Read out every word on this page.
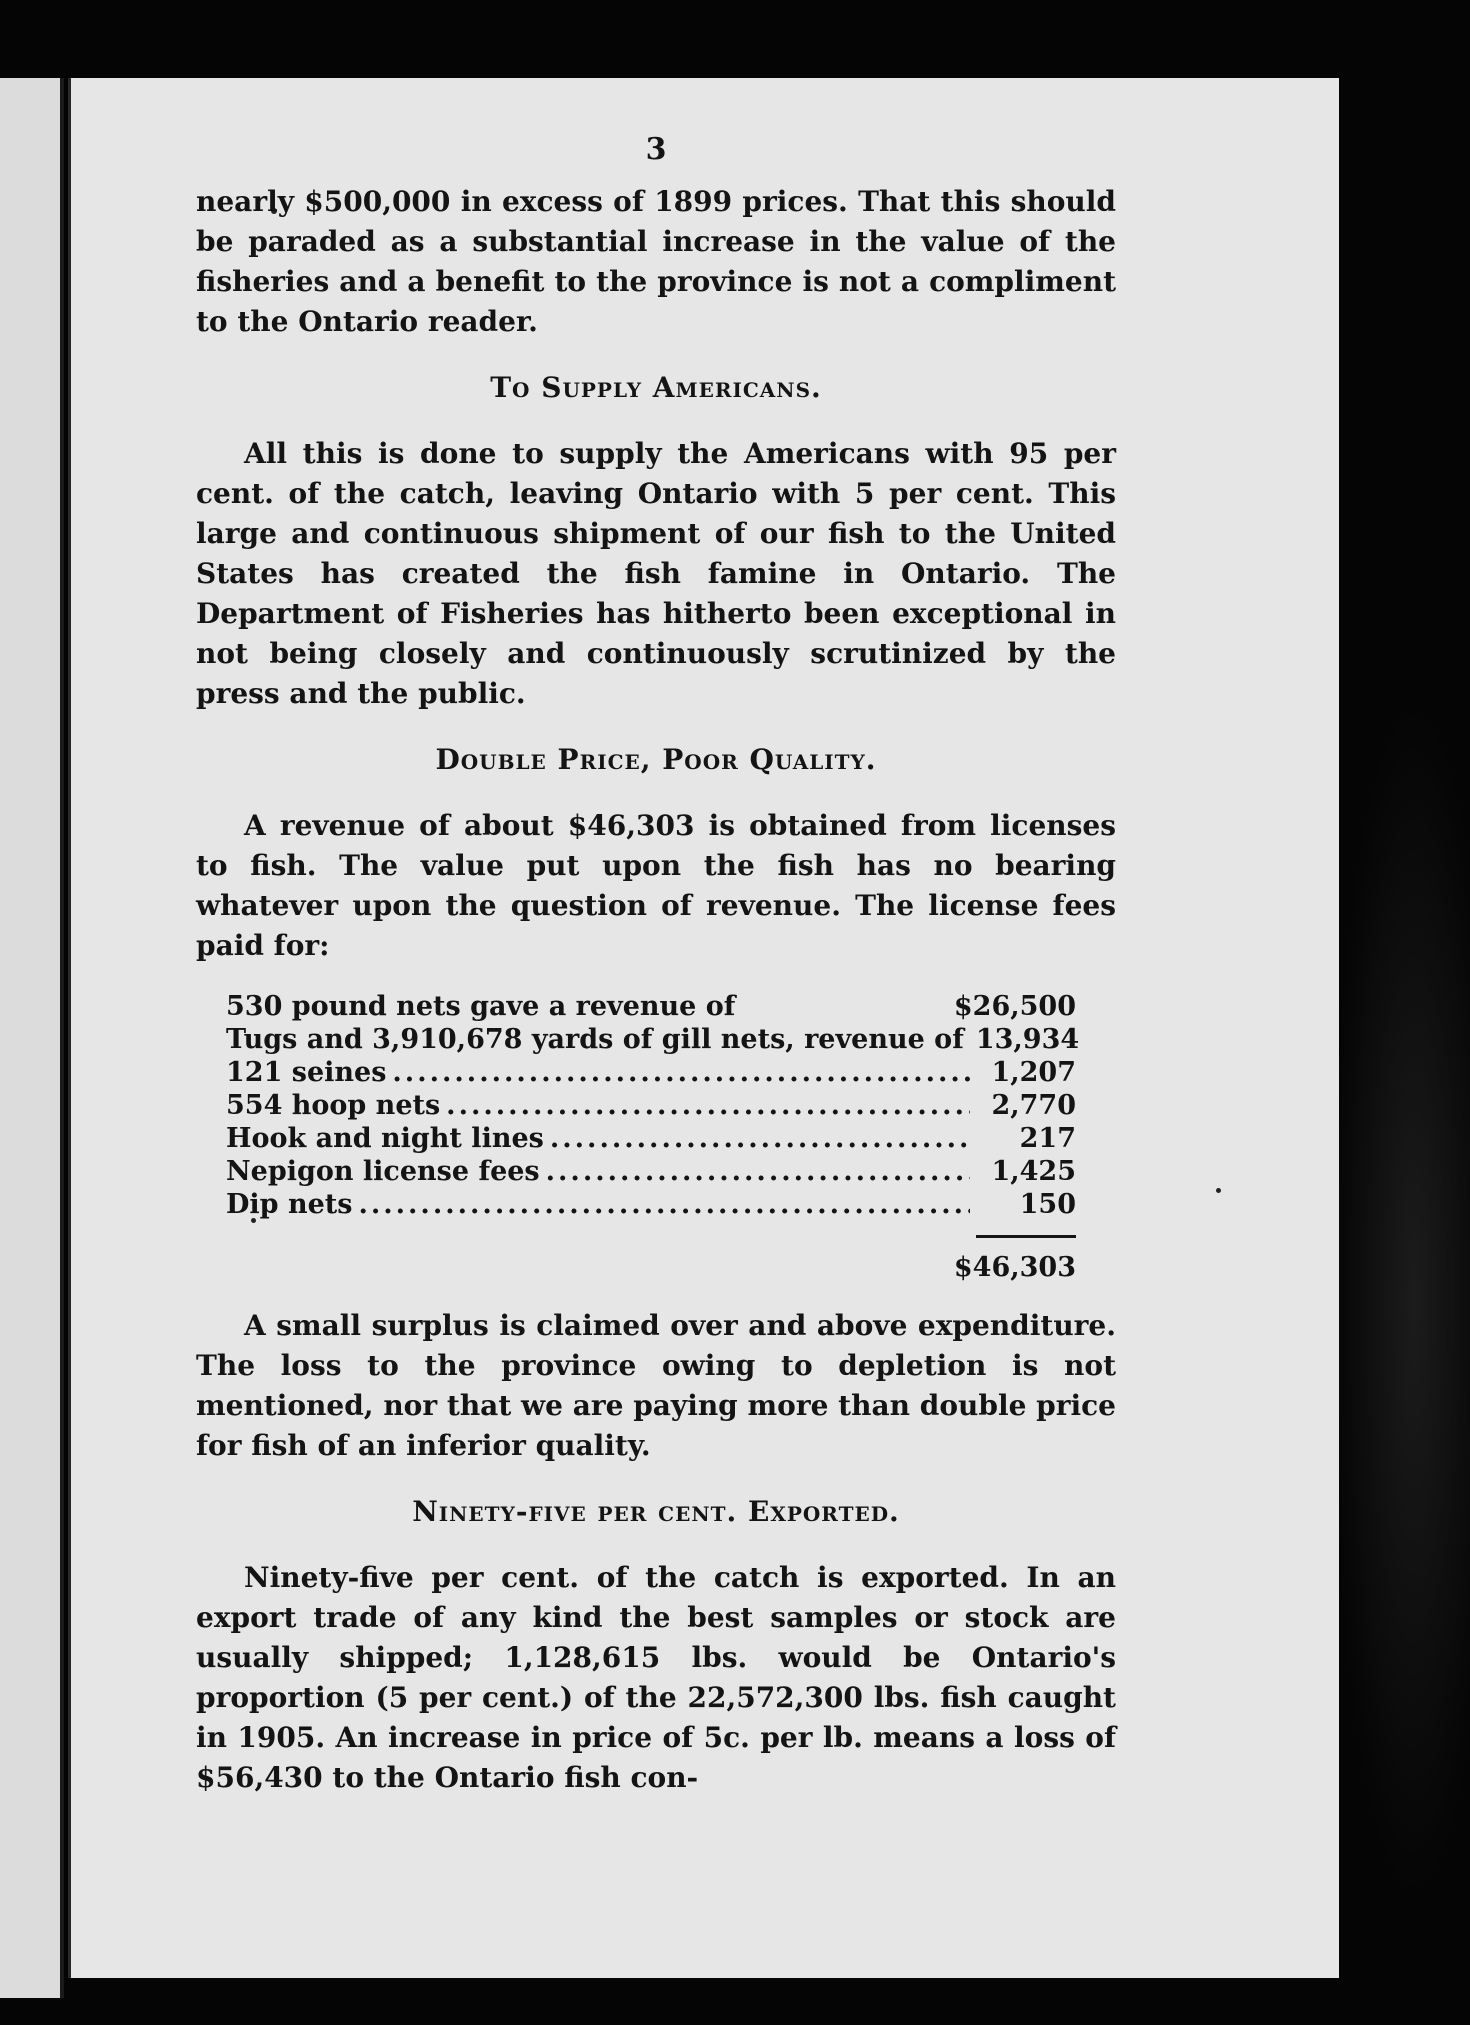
3

nearly $500,000 in excess of 1899 prices. That this should be paraded as a substantial increase in the value of the fisheries and a benefit to the province is not a compliment to the Ontario reader.

To Supply Americans.

All this is done to supply the Americans with 95 per cent. of the catch, leaving Ontario with 5 per cent. This large and continuous shipment of our fish to the United States has created the fish famine in Ontario. The Department of Fisheries has hitherto been exceptional in not being closely and continuously scrutinized by the press and the public.

Double Price, Poor Quality.

A revenue of about $46,303 is obtained from licenses to fish. The value put upon the fish has no bearing whatever upon the question of revenue. The license fees paid for:

530 pound nets gave a revenue of	$26,500
Tugs and 3,910,678 yards of gill nets, revenue of 13,934
121 seines .....	1,207
554 hoop nets .....	2,770
Hook and night lines .....	217
Nepigon license fees .....	1,425
Dip nets .....	150
$46,303

A small surplus is claimed over and above expenditure. The loss to the province owing to depletion is not mentioned, nor that we are paying more than double price for fish of an inferior quality.

Ninety-five per cent. Exported.

Ninety-five per cent. of the catch is exported. In an export trade of any kind the best samples or stock are usually shipped; 1,128,615 lbs. would be Ontario's proportion (5 per cent.) of the 22,572,300 lbs. fish caught in 1905. An increase in price of 5c. per lb. means a loss of $56,430 to the Ontario fish con-
